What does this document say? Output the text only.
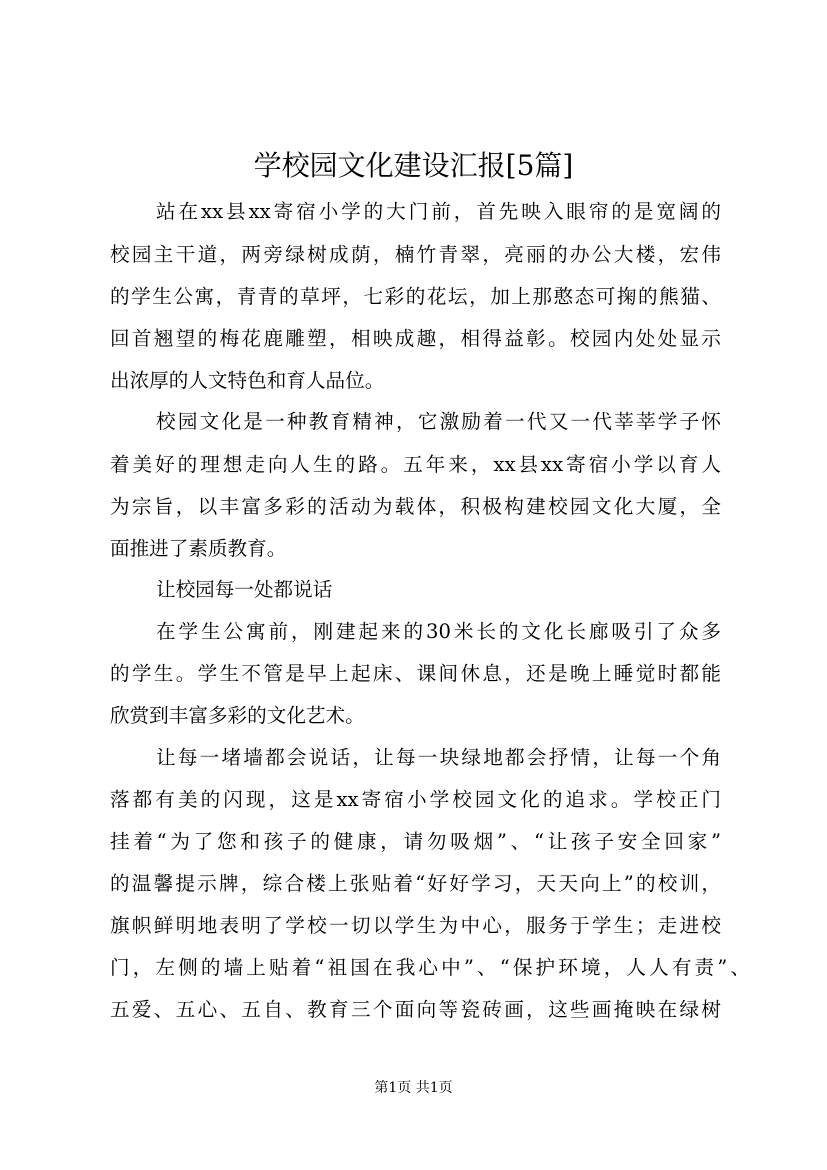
学校园文化建设汇报[5篇]

站在xx县xx寄宿小学的大门前，首先映入眼帘的是宽阔的

校园主干道，两旁绿树成荫，楠竹青翠，亮丽的办公大楼，宏伟

的学生公寓，青青的草坪，七彩的花坛，加上那憨态可掬的熊猫、

回首翘望的梅花鹿雕塑，相映成趣，相得益彰。校园内处处显示

出浓厚的人文特色和育人品位。

校园文化是一种教育精神，它激励着一代又一代莘莘学子怀

着美好的理想走向人生的路。五年来，xx县xx寄宿小学以育人

为宗旨，以丰富多彩的活动为载体，积极构建校园文化大厦，全

面推进了素质教育。

让校园每一处都说话

在学生公寓前，刚建起来的30米长的文化长廊吸引了众多

的学生。学生不管是早上起床、课间休息，还是晚上睡觉时都能

欣赏到丰富多彩的文化艺术。

让每一堵墙都会说话，让每一块绿地都会抒情，让每一个角

落都有美的闪现，这是xx寄宿小学校园文化的追求。学校正门

挂着“为了您和孩子的健康，请勿吸烟”、“让孩子安全回家”

的温馨提示牌，综合楼上张贴着“好好学习，天天向上”的校训，

旗帜鲜明地表明了学校一切以学生为中心，服务于学生；走进校

门，左侧的墙上贴着“祖国在我心中”、“保护环境，人人有责”、

五爱、五心、五自、教育三个面向等瓷砖画，这些画掩映在绿树

第1页 共1页
